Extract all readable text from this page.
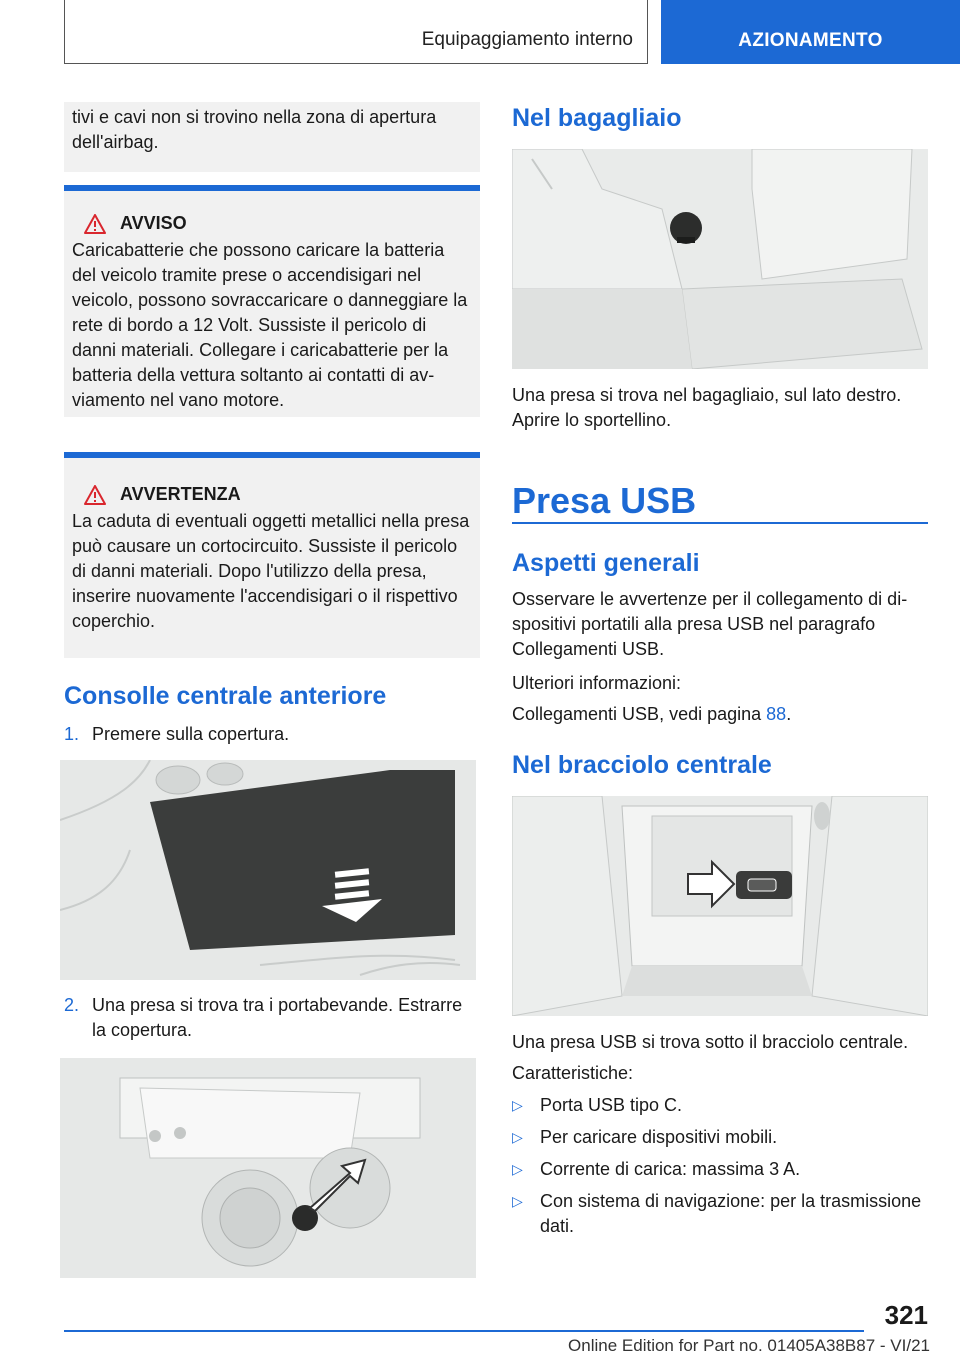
Equipaggiamento interno	AZIONAMENTO
tivi e cavi non si trovino nella zona di apertura dell'airbag.
AVVISO
Caricabatterie che possono caricare la batteria del veicolo tramite prese o accendisigari nel veicolo, possono sovraccaricare o danneggiare la rete di bordo a 12 Volt. Sussiste il pericolo di danni materiali. Collegare i caricabatterie per la batteria della vettura soltanto ai contatti di avviamento nel vano motore.
AVVERTENZA
La caduta di eventuali oggetti metallici nella presa può causare un cortocircuito. Sussiste il pericolo di danni materiali. Dopo l'utilizzo della presa, inserire nuovamente l'accendisigari o il rispettivo coperchio.
Consolle centrale anteriore
1. Premere sulla copertura.
2. Una presa si trova tra i portabevande. Estrarre la copertura.
Nel bagagliaio
Una presa si trova nel bagagliaio, sul lato destro. Aprire lo sportellino.
Presa USB
Aspetti generali
Osservare le avvertenze per il collegamento di dispositivi portatili alla presa USB nel paragrafo Collegamenti USB.
Ulteriori informazioni:
Collegamenti USB, vedi pagina 88.
Nel bracciolo centrale
Una presa USB si trova sotto il bracciolo centrale.
Caratteristiche:
▷ Porta USB tipo C.
▷ Per caricare dispositivi mobili.
▷ Corrente di carica: massima 3 A.
▷ Con sistema di navigazione: per la trasmissione dati.
321
Online Edition for Part no. 01405A38B87 - VI/21
